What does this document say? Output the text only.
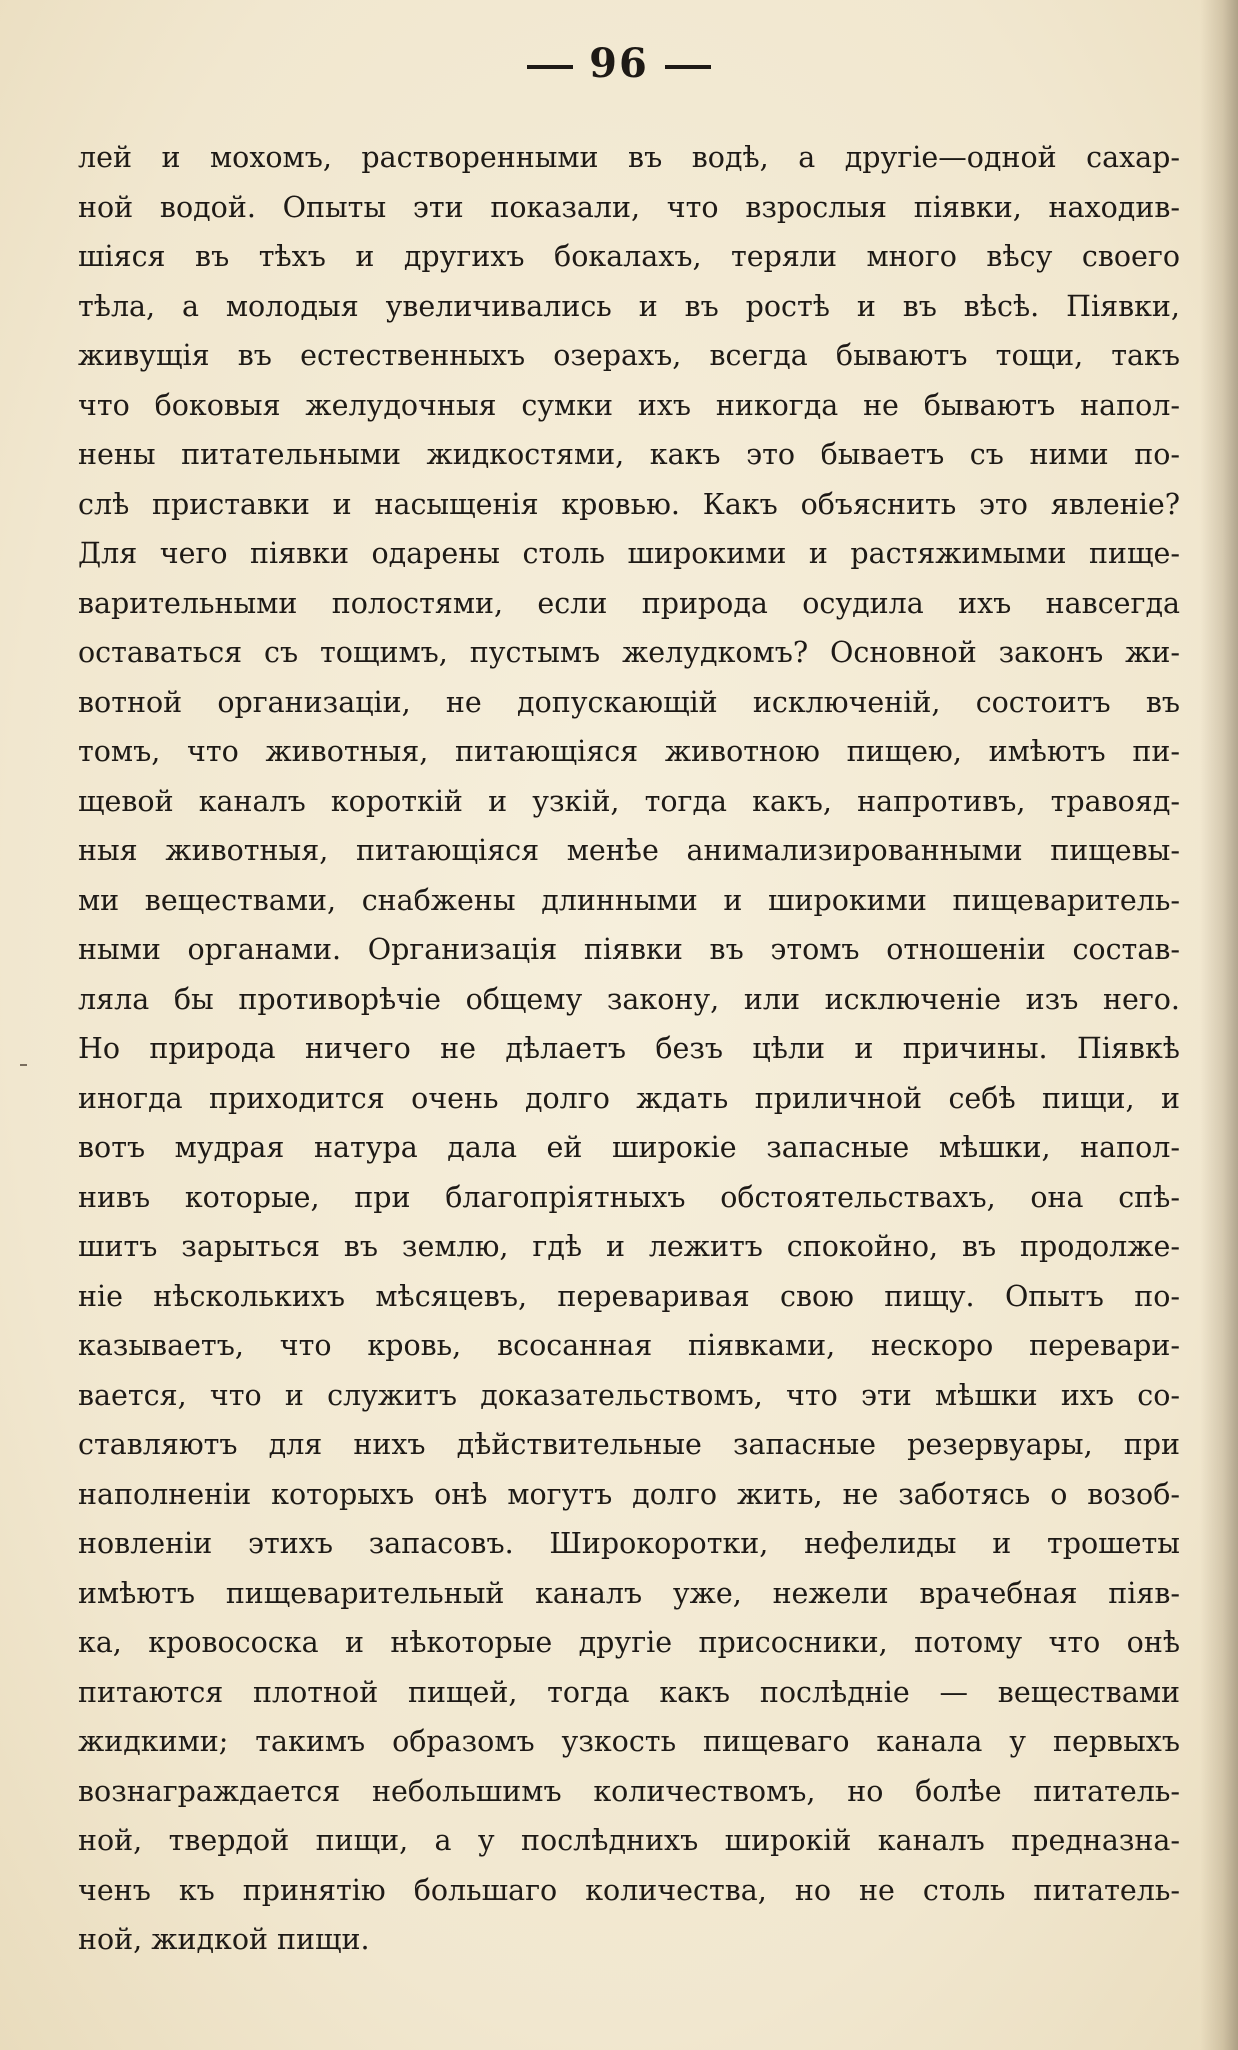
96
лей и мохомъ, растворенными въ водѣ, а другіе—одной сахар-
ной водой. Опыты эти показали, что взрослыя піявки, находив-
шіяся въ тѣхъ и другихъ бокалахъ, теряли много вѣсу своего
тѣла, а молодыя увеличивались и въ ростѣ и въ вѣсѣ. Піявки,
живущія въ естественныхъ озерахъ, всегда бываютъ тощи, такъ
что боковыя желудочныя сумки ихъ никогда не бываютъ напол-
нены питательными жидкостями, какъ это бываетъ съ ними по-
слѣ приставки и насыщенія кровью. Какъ объяснить это явленіе?
Для чего піявки одарены столь широкими и растяжимыми пище-
варительными полостями, если природа осудила ихъ навсегда
оставаться съ тощимъ, пустымъ желудкомъ? Основной законъ жи-
вотной организаціи, не допускающій исключеній, состоитъ въ
томъ, что животныя, питающіяся животною пищею, имѣютъ пи-
щевой каналъ короткій и узкій, тогда какъ, напротивъ, травояд-
ныя животныя, питающіяся менѣе анимализированными пищевы-
ми веществами, снабжены длинными и широкими пищеваритель-
ными органами. Организація піявки въ этомъ отношеніи состав-
ляла бы противорѣчіе общему закону, или исключеніе изъ него.
Но природа ничего не дѣлаетъ безъ цѣли и причины. Піявкѣ
иногда приходится очень долго ждать приличной себѣ пищи, и
вотъ мудрая натура дала ей широкіе запасные мѣшки, напол-
нивъ которые, при благопріятныхъ обстоятельствахъ, она спѣ-
шитъ зарыться въ землю, гдѣ и лежитъ спокойно, въ продолже-
ніе нѣсколькихъ мѣсяцевъ, переваривая свою пищу. Опытъ по-
казываетъ, что кровь, всосанная піявками, нескоро перевари-
вается, что и служитъ доказательствомъ, что эти мѣшки ихъ со-
ставляютъ для нихъ дѣйствительные запасные резервуары, при
наполненіи которыхъ онѣ могутъ долго жить, не заботясь о возоб-
новленіи этихъ запасовъ. Широкоротки, нефелиды и трошеты
имѣютъ пищеварительный каналъ уже, нежели врачебная піяв-
ка, кровососка и нѣкоторые другіе присосники, потому что онѣ
питаются плотной пищей, тогда какъ послѣдніе — веществами
жидкими; такимъ образомъ узкость пищеваго канала у первыхъ
вознаграждается небольшимъ количествомъ, но болѣе питатель-
ной, твердой пищи, а у послѣднихъ широкій каналъ предназна-
ченъ къ принятію большаго количества, но не столь питатель-
ной, жидкой пищи.
